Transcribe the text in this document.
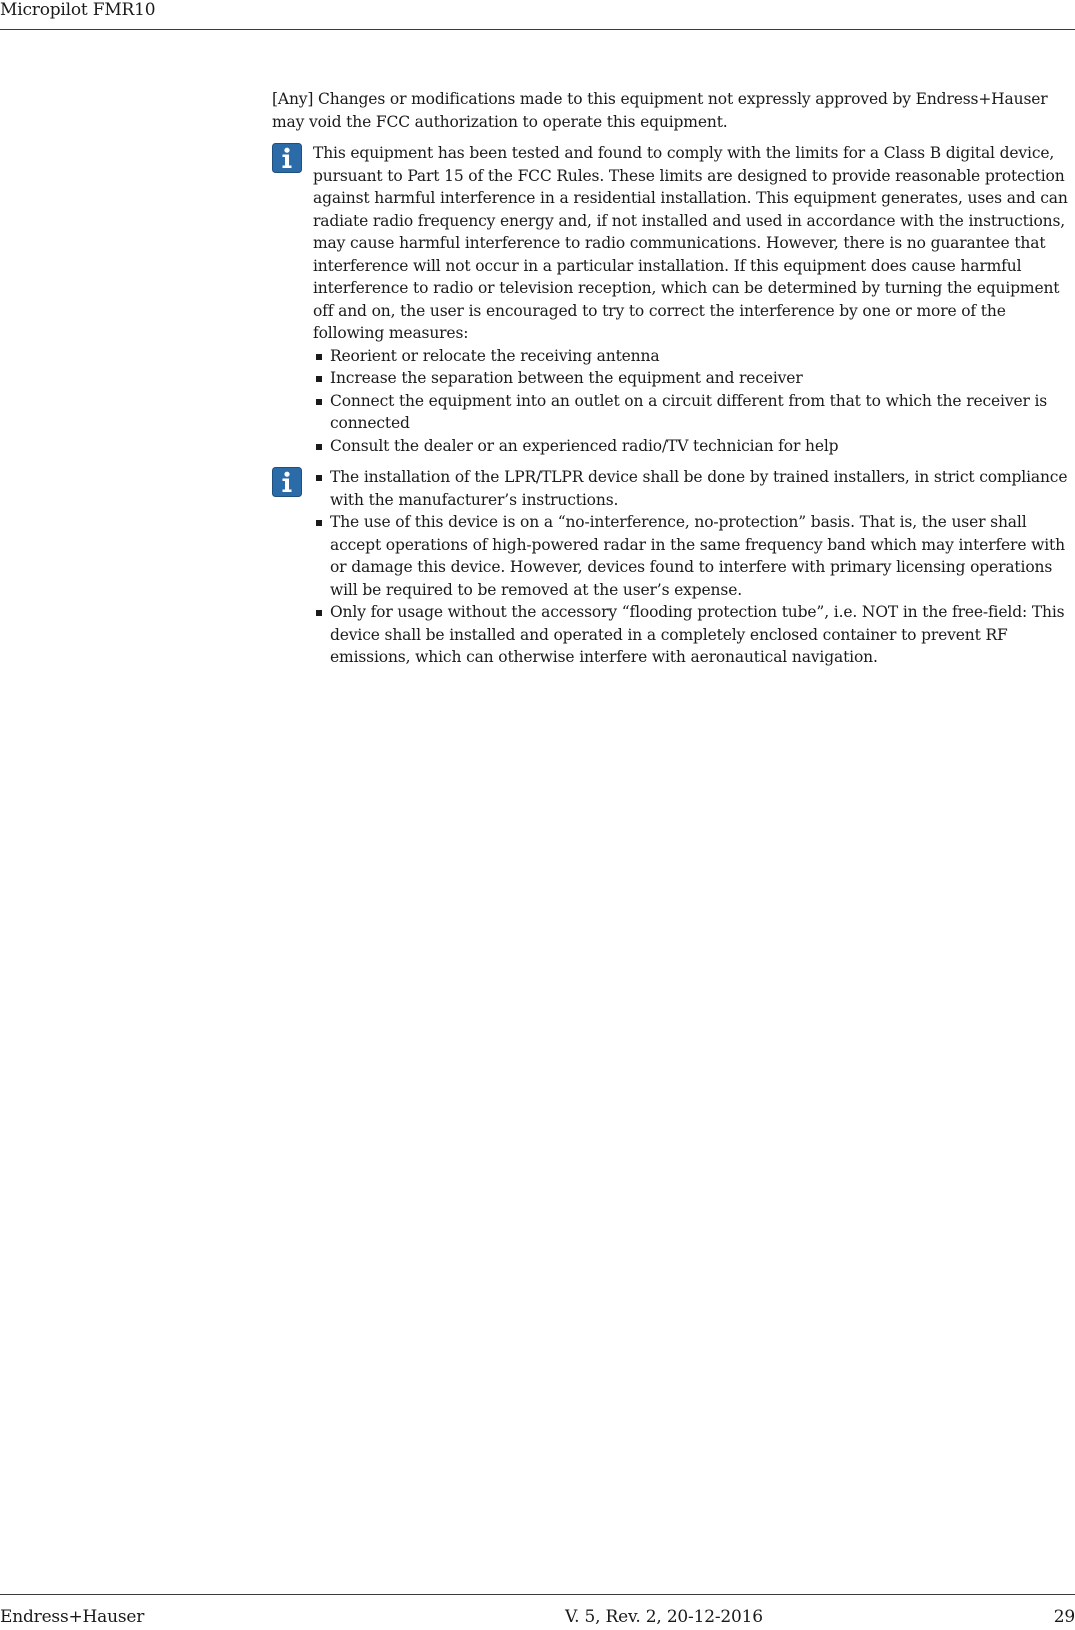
Micropilot FMR10

[Any] Changes or modifications made to this equipment not expressly approved by Endress+Hauser may void the FCC authorization to operate this equipment.

This equipment has been tested and found to comply with the limits for a Class B digital device, pursuant to Part 15 of the FCC Rules. These limits are designed to provide reasonable protection against harmful interference in a residential installation. This equipment generates, uses and can radiate radio frequency energy and, if not installed and used in accordance with the instructions, may cause harmful interference to radio communications. However, there is no guarantee that interference will not occur in a particular installation. If this equipment does cause harmful interference to radio or television reception, which can be determined by turning the equipment off and on, the user is encouraged to try to correct the interference by one or more of the following measures:
Reorient or relocate the receiving antenna
Increase the separation between the equipment and receiver
Connect the equipment into an outlet on a circuit different from that to which the receiver is connected
Consult the dealer or an experienced radio/TV technician for help
The installation of the LPR/TLPR device shall be done by trained installers, in strict compliance with the manufacturer’s instructions.
The use of this device is on a “no-interference, no-protection” basis. That is, the user shall accept operations of high-powered radar in the same frequency band which may interfere with or damage this device. However, devices found to interfere with primary licensing operations will be required to be removed at the user’s expense.
Only for usage without the accessory “flooding protection tube”, i.e. NOT in the free-field: This device shall be installed and operated in a completely enclosed container to prevent RF emissions, which can otherwise interfere with aeronautical navigation.
Endress+Hauser	V. 5, Rev. 2, 20-12-2016	29
